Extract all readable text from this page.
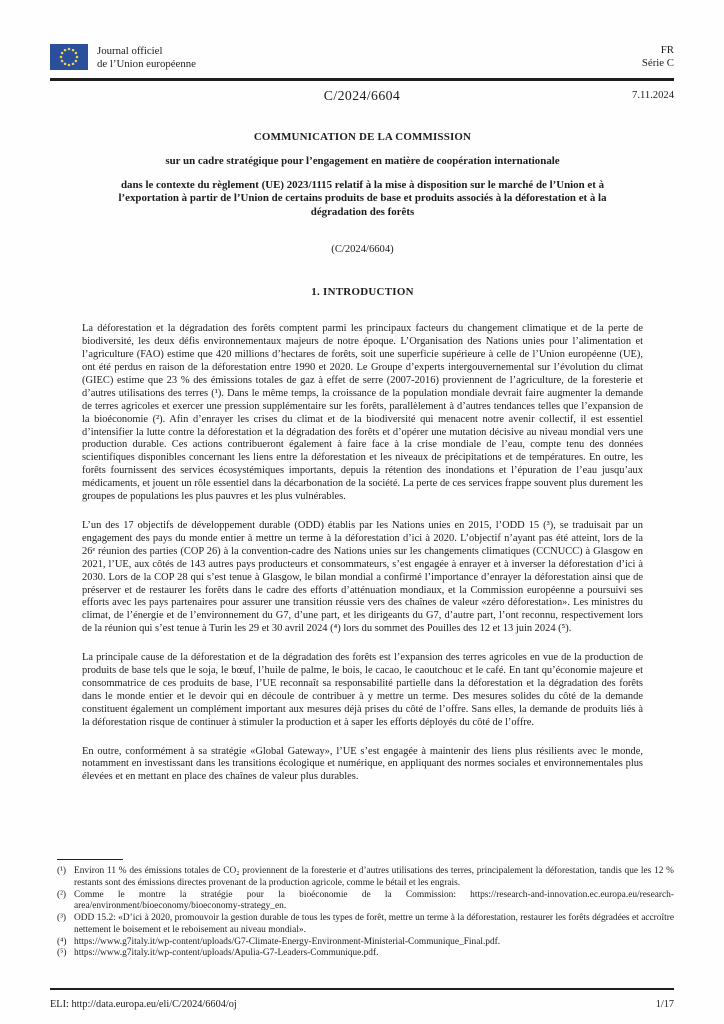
Journal officiel
de l’Union européenne
FR
Série C
C/2024/6604	7.11.2024
COMMUNICATION DE LA COMMISSION
sur un cadre stratégique pour l’engagement en matière de coopération internationale
dans le contexte du règlement (UE) 2023/1115 relatif à la mise à disposition sur le marché de l’Union et à l’exportation à partir de l’Union de certains produits de base et produits associés à la déforestation et à la dégradation des forêts
(C/2024/6604)
1. INTRODUCTION

La déforestation et la dégradation des forêts comptent parmi les principaux facteurs du changement climatique et de la perte de biodiversité, les deux défis environnementaux majeurs de notre époque. L’Organisation des Nations unies pour l’alimentation et l’agriculture (FAO) estime que 420 millions d’hectares de forêts, soit une superficie supérieure à celle de l’Union européenne (UE), ont été perdus en raison de la déforestation entre 1990 et 2020. Le Groupe d’experts intergouvernemental sur l’évolution du climat (GIEC) estime que 23 % des émissions totales de gaz à effet de serre (2007-2016) proviennent de l’agriculture, de la foresterie et d’autres utilisations des terres (¹). Dans le même temps, la croissance de la population mondiale devrait faire augmenter la demande de terres agricoles et exercer une pression supplémentaire sur les forêts, parallèlement à d’autres tendances telles que l’expansion de la bioéconomie (²). Afin d’enrayer les crises du climat et de la biodiversité qui menacent notre avenir collectif, il est essentiel d’intensifier la lutte contre la déforestation et la dégradation des forêts et d’opérer une mutation décisive au niveau mondial vers une production durable. Ces actions contribueront également à faire face à la crise mondiale de l’eau, compte tenu des données scientifiques disponibles concernant les liens entre la déforestation et les niveaux de précipitations et de températures. En outre, les forêts fournissent des services écosystémiques importants, depuis la rétention des inondations et l’épuration de l’eau jusqu’aux médicaments, et jouent un rôle essentiel dans la décarbonation de la société. La perte de ces services frappe souvent plus durement les groupes de populations les plus pauvres et les plus vulnérables.

L’un des 17 objectifs de développement durable (ODD) établis par les Nations unies en 2015, l’ODD 15 (³), se traduisait par un engagement des pays du monde entier à mettre un terme à la déforestation d’ici à 2020. L’objectif n’ayant pas été atteint, lors de la 26ᵉ réunion des parties (COP 26) à la convention-cadre des Nations unies sur les changements climatiques (CCNUCC) à Glasgow en 2021, l’UE, aux côtés de 143 autres pays producteurs et consommateurs, s’est engagée à enrayer et à inverser la déforestation d’ici à 2030. Lors de la COP 28 qui s’est tenue à Glasgow, le bilan mondial a confirmé l’importance d’enrayer la déforestation ainsi que de préserver et de restaurer les forêts dans le cadre des efforts d’atténuation mondiaux, et la Commission européenne a poursuivi ses efforts avec les pays partenaires pour assurer une transition réussie vers des chaînes de valeur «zéro déforestation». Les ministres du climat, de l’énergie et de l’environnement du G7, d’une part, et les dirigeants du G7, d’autre part, l’ont reconnu, respectivement lors de la réunion qui s’est tenue à Turin les 29 et 30 avril 2024 (⁴) lors du sommet des Pouilles des 12 et 13 juin 2024 (⁵).

La principale cause de la déforestation et de la dégradation des forêts est l’expansion des terres agricoles en vue de la production de produits de base tels que le soja, le bœuf, l’huile de palme, le bois, le cacao, le caoutchouc et le café. En tant qu’économie majeure et consommatrice de ces produits de base, l’UE reconnaît sa responsabilité partielle dans la déforestation et la dégradation des forêts dans le monde entier et le devoir qui en découle de contribuer à y mettre un terme. Des mesures solides du côté de la demande constituent également un complément important aux mesures déjà prises du côté de l’offre. Sans elles, la demande de produits liés à la déforestation risque de continuer à stimuler la production et à saper les efforts déployés du côté de l’offre.

En outre, conformément à sa stratégie «Global Gateway», l’UE s’est engagée à maintenir des liens plus résilients avec le monde, notamment en investissant dans les transitions écologique et numérique, en appliquant des normes sociales et environnementales plus élevées et en mettant en place des chaînes de valeur plus durables.

(¹) Environ 11 % des émissions totales de CO₂ proviennent de la foresterie et d’autres utilisations des terres, principalement la déforestation, tandis que les 12 % restants sont des émissions directes provenant de la production agricole, comme le bétail et les engrais.
(²) Comme le montre la stratégie pour la bioéconomie de la Commission: https://research-and-innovation.ec.europa.eu/research-area/environment/bioeconomy/bioeconomy-strategy_en.
(³) ODD 15.2: «D’ici à 2020, promouvoir la gestion durable de tous les types de forêt, mettre un terme à la déforestation, restaurer les forêts dégradées et accroître nettement le boisement et le reboisement au niveau mondial».
(⁴) https://www.g7italy.it/wp-content/uploads/G7-Climate-Energy-Environment-Ministerial-Communique_Final.pdf.
(⁵) https://www.g7italy.it/wp-content/uploads/Apulia-G7-Leaders-Communique.pdf.
ELI: http://data.europa.eu/eli/C/2024/6604/oj	1/17
